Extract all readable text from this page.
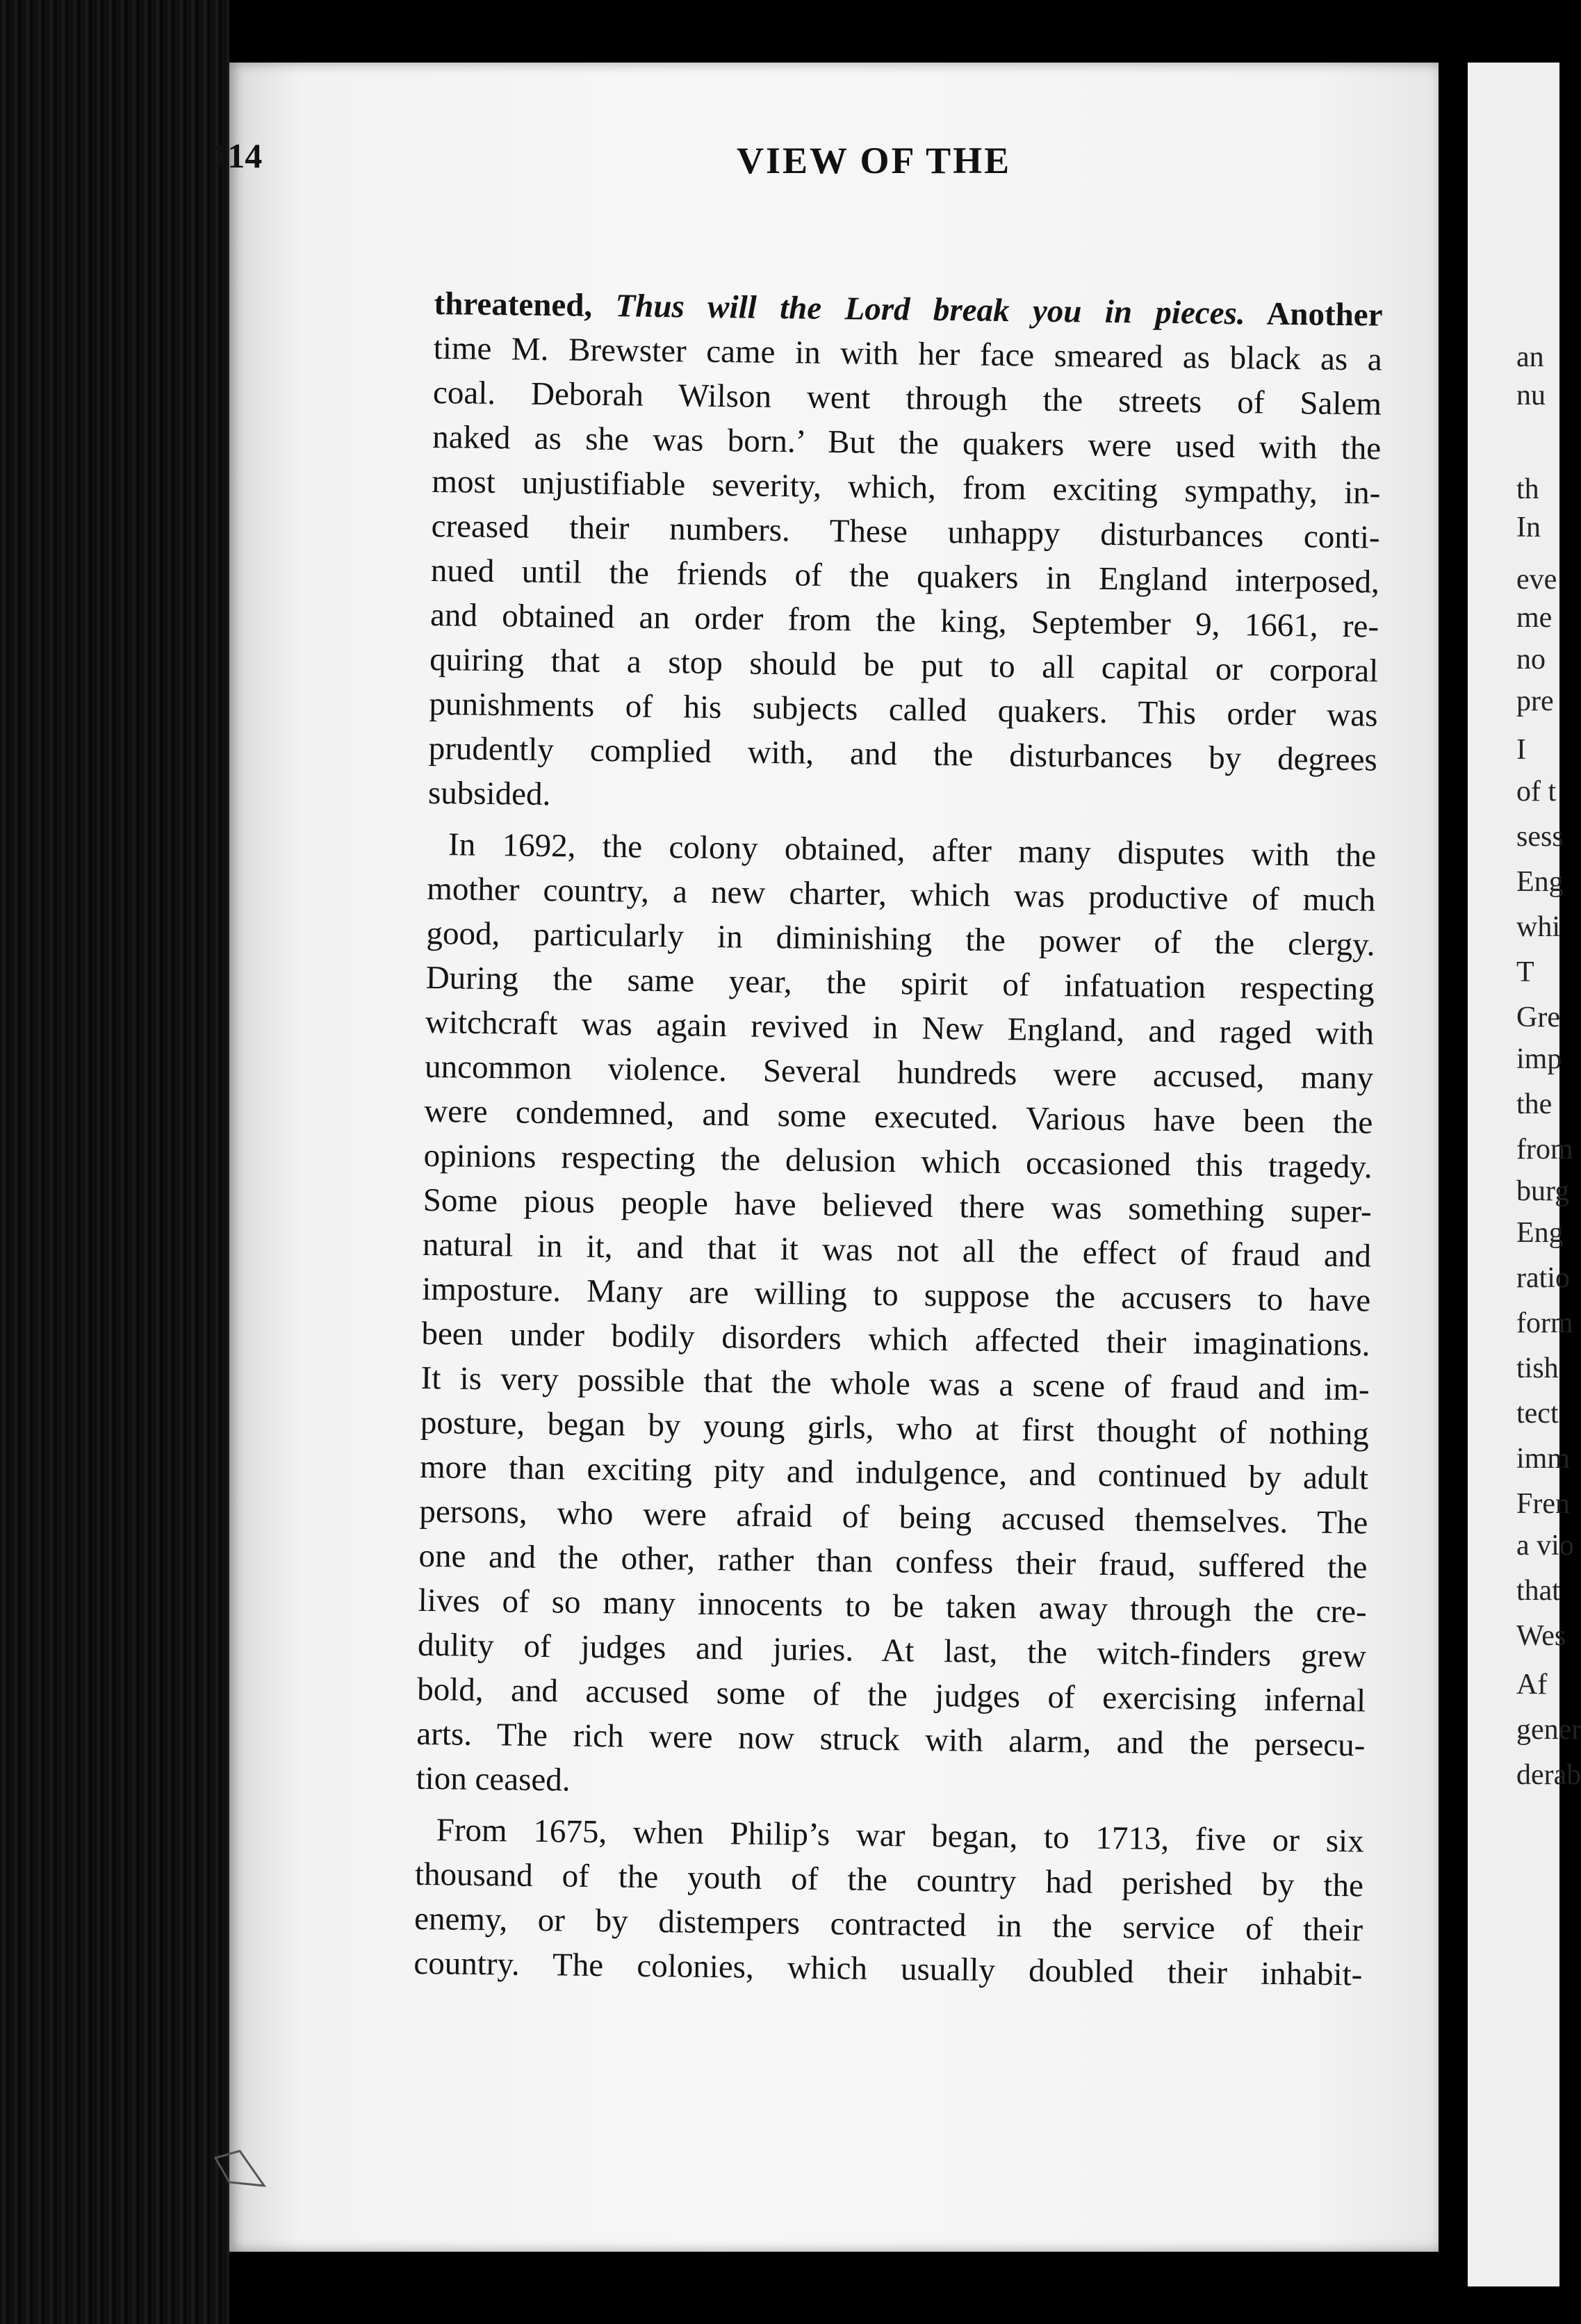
114	VIEW OF THE
threatened, Thus will the Lord break you in pieces. Another
time M. Brewster came in with her face smeared as black as a
coal. Deborah Wilson went through the streets of Salem
naked as she was born.’ But the quakers were used with the
most unjustifiable severity, which, from exciting sympathy, in-
creased their numbers. These unhappy disturbances conti-
nued until the friends of the quakers in England interposed,
and obtained an order from the king, September 9, 1661, re-
quiring that a stop should be put to all capital or corporal
punishments of his subjects called quakers. This order was
prudently complied with, and the disturbances by degrees
subsided.
In 1692, the colony obtained, after many disputes with the
mother country, a new charter, which was productive of much
good, particularly in diminishing the power of the clergy.
During the same year, the spirit of infatuation respecting
witchcraft was again revived in New England, and raged with
uncommon violence. Several hundreds were accused, many
were condemned, and some executed. Various have been the
opinions respecting the delusion which occasioned this tragedy.
Some pious people have believed there was something super-
natural in it, and that it was not all the effect of fraud and
imposture. Many are willing to suppose the accusers to have
been under bodily disorders which affected their imaginations.
It is very possible that the whole was a scene of fraud and im-
posture, began by young girls, who at first thought of nothing
more than exciting pity and indulgence, and continued by adult
persons, who were afraid of being accused themselves. The
one and the other, rather than confess their fraud, suffered the
lives of so many innocents to be taken away through the cre-
dulity of judges and juries. At last, the witch-finders grew
bold, and accused some of the judges of exercising infernal
arts. The rich were now struck with alarm, and the persecu-
tion ceased.
From 1675, when Philip’s war began, to 1713, five or six
thousand of the youth of the country had perished by the
enemy, or by distempers contracted in the service of their
country. The colonies, which usually doubled their inhabit-
an
nu
th
In
eve
me
no
pre
I
of t
sess
Eng
whi
T
Gre
imp
the
from
burg
Eng
ratio
form
tish
tect
imm
Fren
a vio
that
Wes
Af
gener
derab
